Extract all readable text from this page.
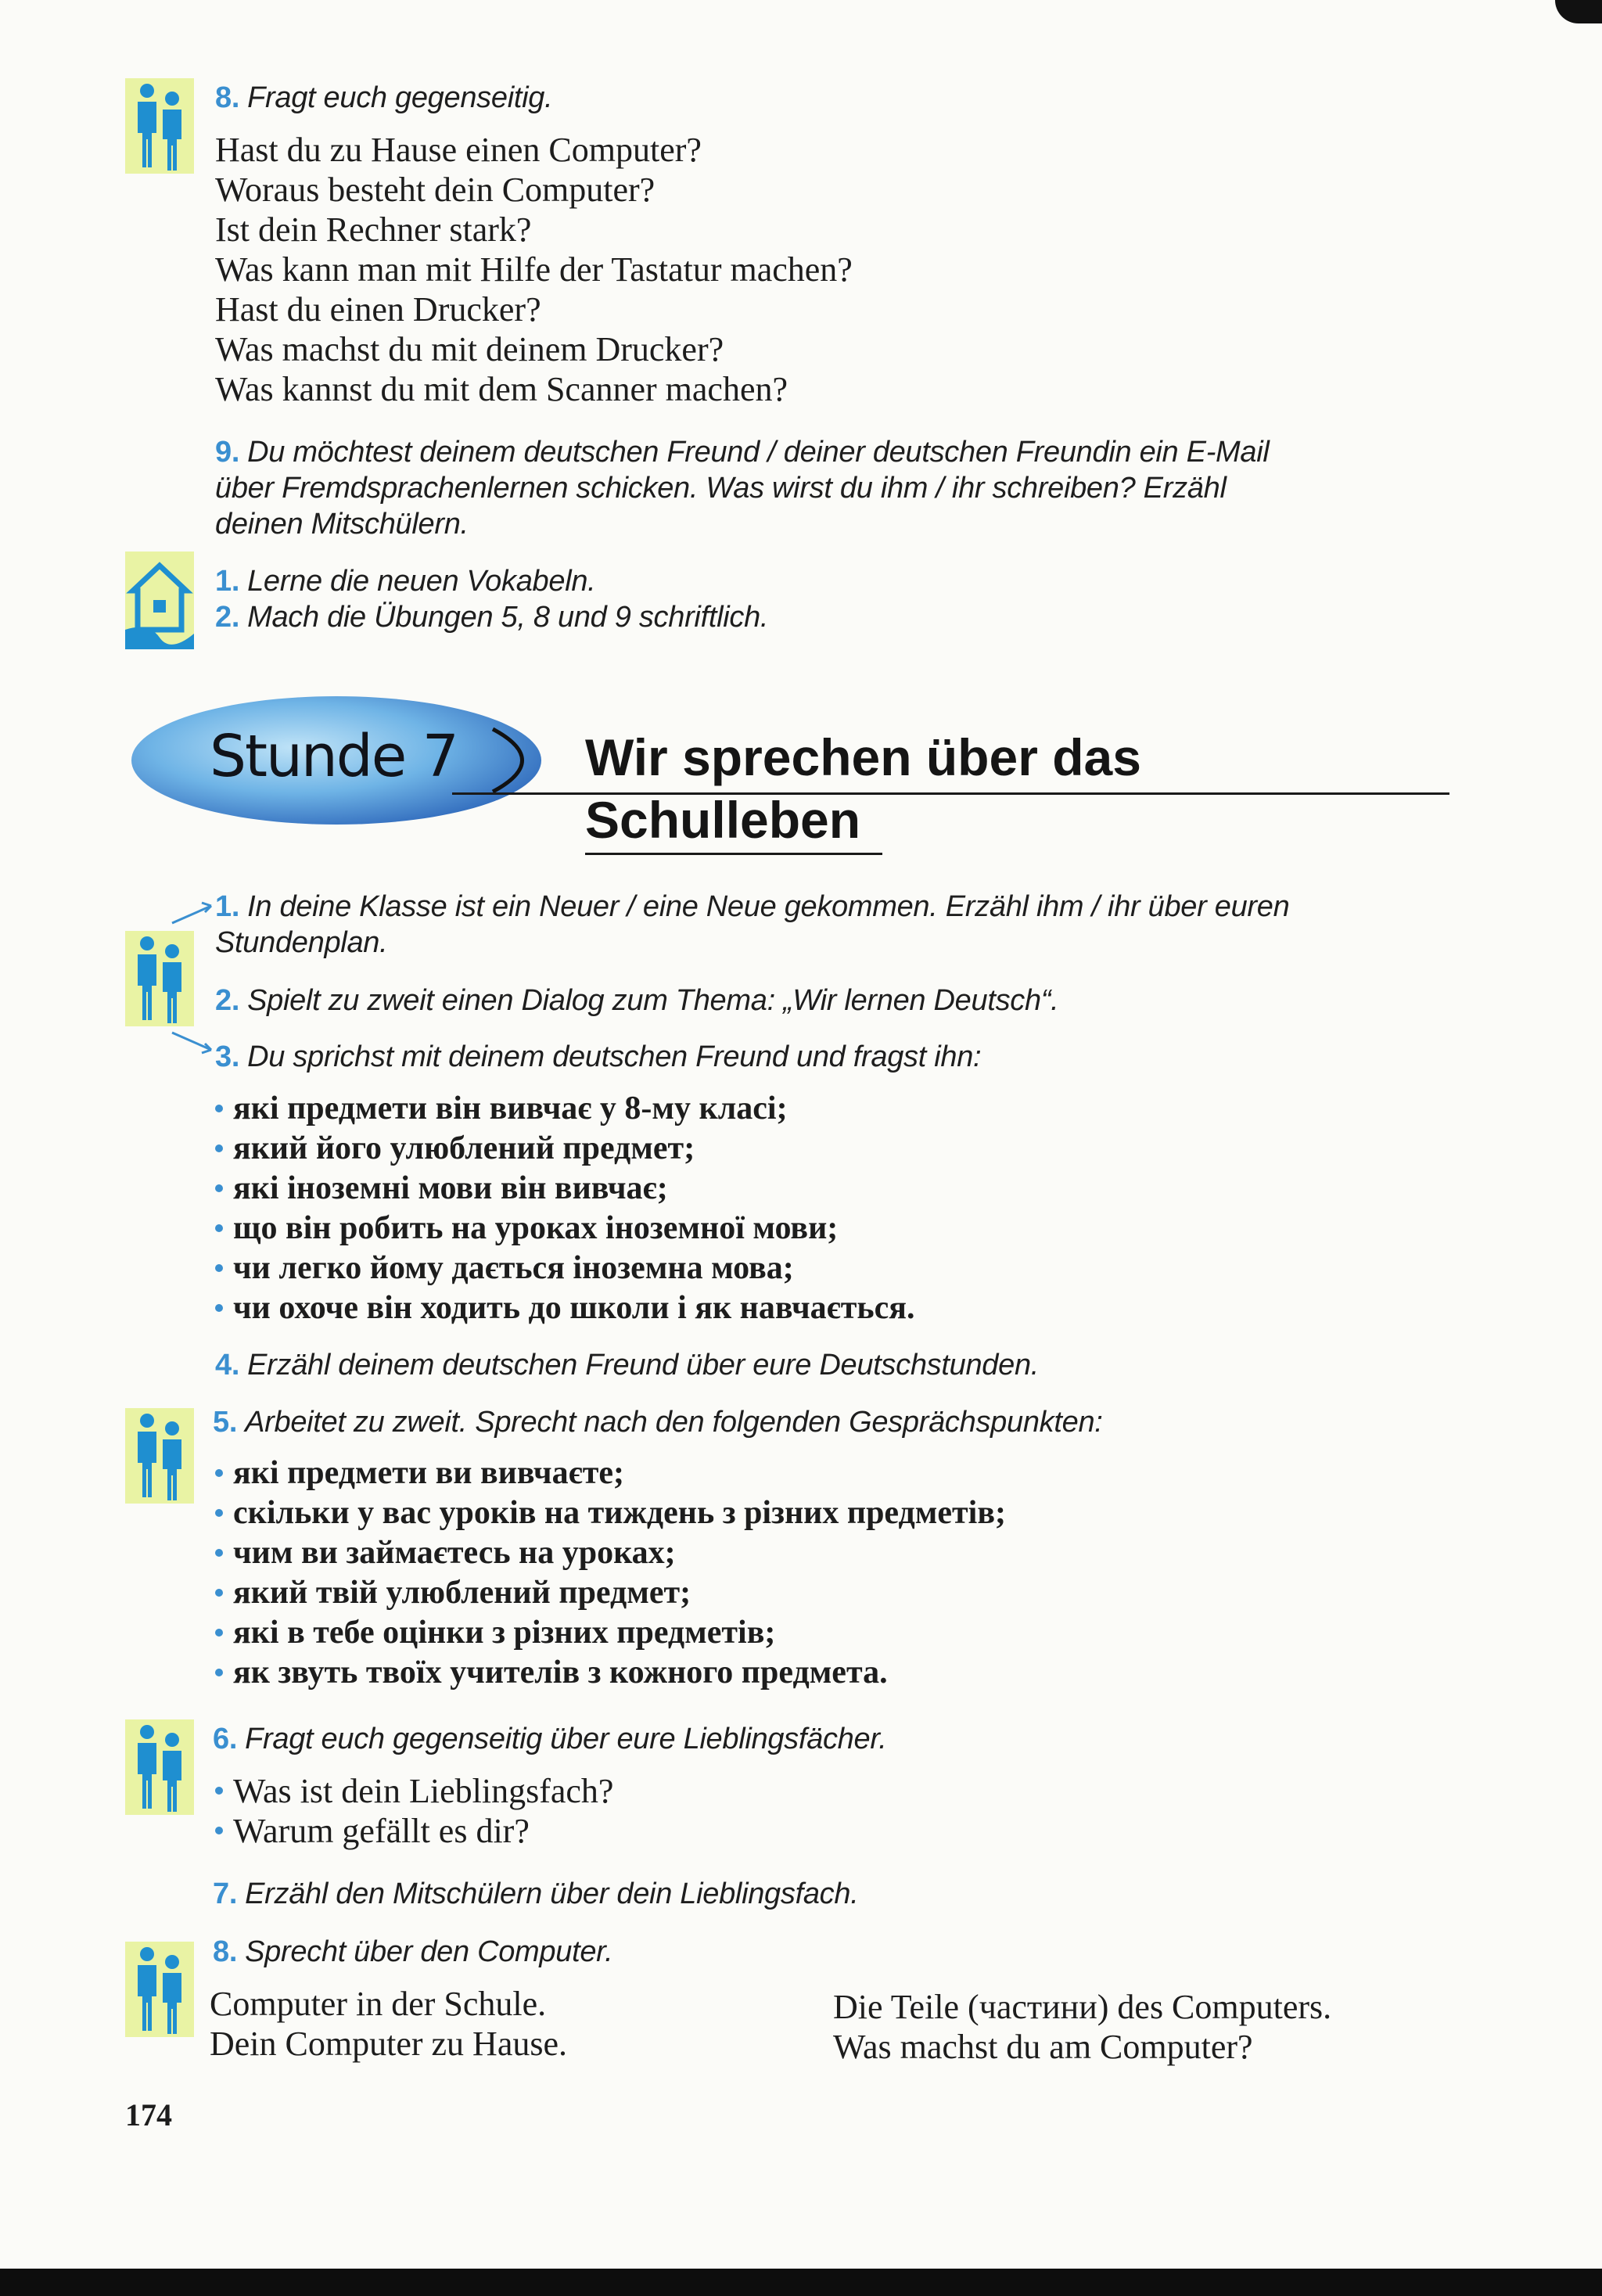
8. Fragt euch gegenseitig.
Hast du zu Hause einen Computer?
Woraus besteht dein Computer?
Ist dein Rechner stark?
Was kann man mit Hilfe der Tastatur machen?
Hast du einen Drucker?
Was machst du mit deinem Drucker?
Was kannst du mit dem Scanner machen?
9. Du möchtest deinem deutschen Freund / deiner deutschen Freundin ein E-Mail
über Fremdsprachenlernen schicken. Was wirst du ihm / ihr schreiben? Erzähl
deinen Mitschülern.
1. Lerne die neuen Vokabeln.
2. Mach die Übungen 5, 8 und 9 schriftlich.
Stunde 7 Wir sprechen über das
Schulleben
1. In deine Klasse ist ein Neuer / eine Neue gekommen. Erzähl ihm / ihr über euren
Stundenplan.
2. Spielt zu zweit einen Dialog zum Thema: „Wir lernen Deutsch“.
3. Du sprichst mit deinem deutschen Freund und fragst ihn:
які предмети він вивчає у 8-му класі;
який його улюблений предмет;
які іноземні мови він вивчає;
що він робить на уроках іноземної мови;
чи легко йому дається іноземна мова;
чи охоче він ходить до школи і як навчається.
4. Erzähl deinem deutschen Freund über eure Deutschstunden.
5. Arbeitet zu zweit. Sprecht nach den folgenden Gesprächspunkten:
які предмети ви вивчаєте;
скільки у вас уроків на тиждень з різних предметів;
чим ви займаєтесь на уроках;
який твій улюблений предмет;
які в тебе оцінки з різних предметів;
як звуть твоїх учителів з кожного предмета.
6. Fragt euch gegenseitig über eure Lieblingsfächer.
Was ist dein Lieblingsfach?
Warum gefällt es dir?
7. Erzähl den Mitschülern über dein Lieblingsfach.
8. Sprecht über den Computer.
Computer in der Schule.
Dein Computer zu Hause.
Die Teile (частини) des Computers.
Was machst du am Computer?
174
